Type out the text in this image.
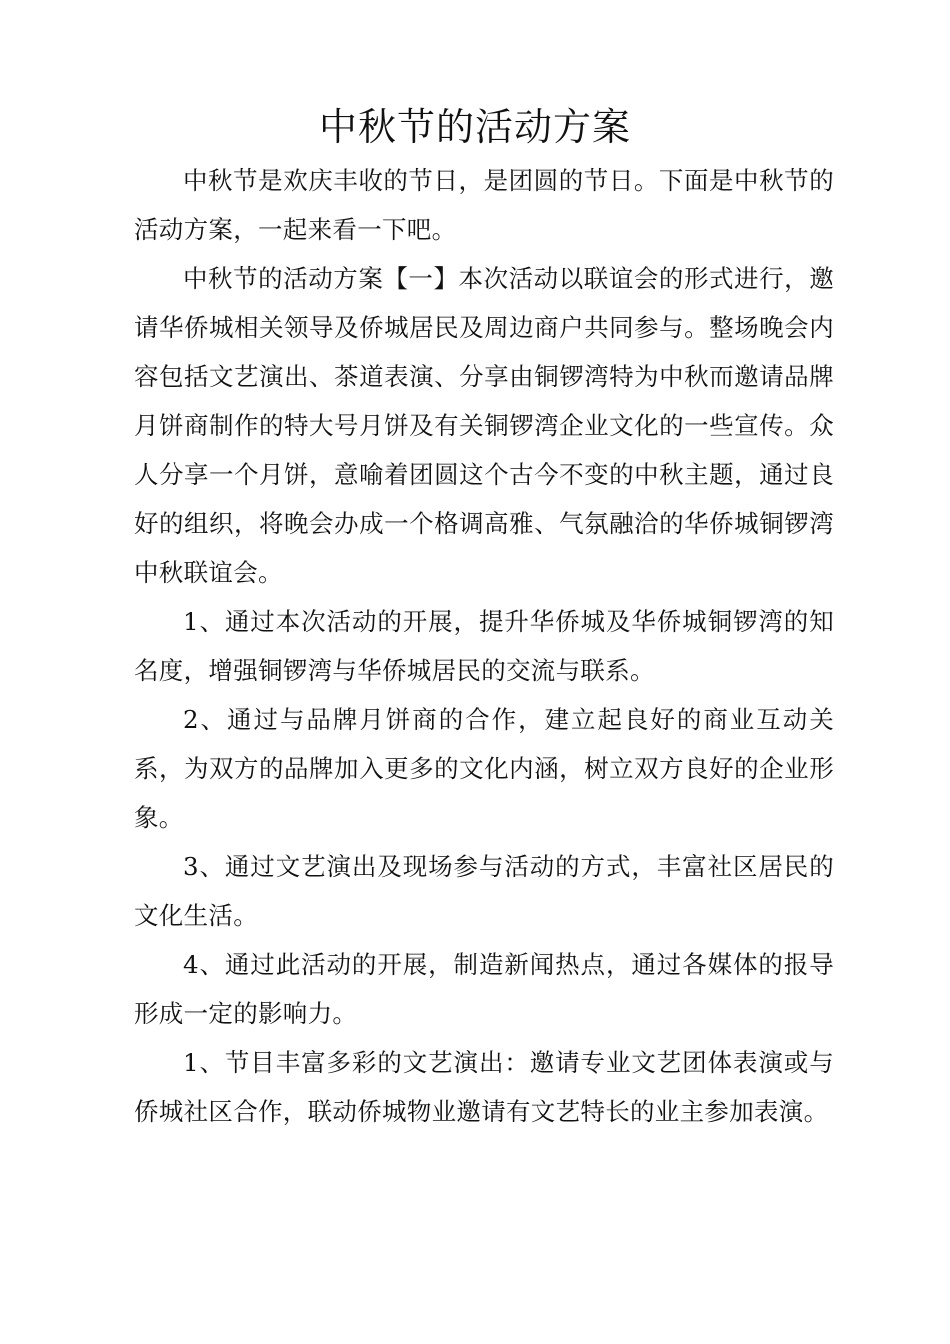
中秋节的活动方案

中秋节是欢庆丰收的节日，是团圆的节日。下面是中秋节的活动方案，一起来看一下吧。

中秋节的活动方案【一】本次活动以联谊会的形式进行，邀请华侨城相关领导及侨城居民及周边商户共同参与。整场晚会内容包括文艺演出、茶道表演、分享由铜锣湾特为中秋而邀请品牌月饼商制作的特大号月饼及有关铜锣湾企业文化的一些宣传。众人分享一个月饼，意喻着团圆这个古今不变的中秋主题，通过良好的组织，将晚会办成一个格调高雅、气氛融洽的华侨城铜锣湾中秋联谊会。

1、通过本次活动的开展，提升华侨城及华侨城铜锣湾的知名度，增强铜锣湾与华侨城居民的交流与联系。

2、通过与品牌月饼商的合作，建立起良好的商业互动关系，为双方的品牌加入更多的文化内涵，树立双方良好的企业形象。

3、通过文艺演出及现场参与活动的方式，丰富社区居民的文化生活。

4、通过此活动的开展，制造新闻热点，通过各媒体的报导形成一定的影响力。

1、节目丰富多彩的文艺演出：邀请专业文艺团体表演或与侨城社区合作，联动侨城物业邀请有文艺特长的业主参加表演。
